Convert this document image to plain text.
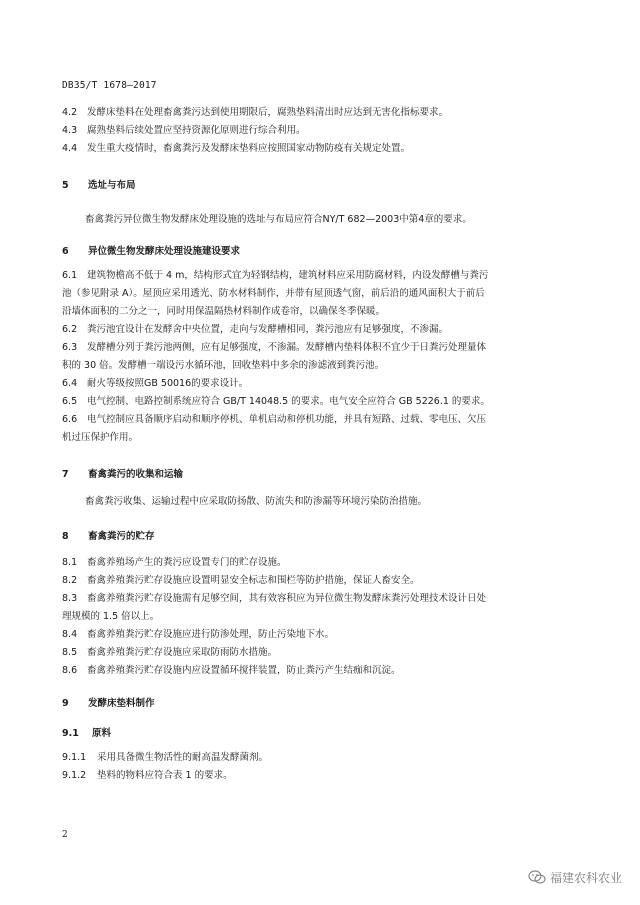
DB35/T 1678—2017
4.2 发酵床垫料在处理畜禽粪污达到使用期限后，腐熟垫料清出时应达到无害化指标要求。
4.3 腐熟垫料后续处置应坚持资源化原则进行综合利用。
4.4 发生重大疫情时，畜禽粪污及发酵床垫料应按照国家动物防疫有关规定处置。
5 选址与布局
畜禽粪污异位微生物发酵床处理设施的选址与布局应符合NY/T 682—2003中第4章的要求。
6 异位微生物发酵床处理设施建设要求
6.1 建筑物檐高不低于 4 m，结构形式宜为轻钢结构，建筑材料应采用防腐材料，内设发酵槽与粪污
池（参见附录 A）。屋顶应采用透光、防水材料制作，并带有屋顶透气窗，前后沿的通风面积大于前后
沿墙体面积的二分之一，同时用保温隔热材料制作成卷帘，以确保冬季保暖。
6.2 粪污池宜设计在发酵舍中央位置，走向与发酵槽相同，粪污池应有足够强度，不渗漏。
6.3 发酵槽分列于粪污池两侧，应有足够强度，不渗漏。发酵槽内垫料体积不宜少于日粪污处理量体
积的 30 倍。发酵槽一端设污水循环池，回收垫料中多余的渗滤液到粪污池。
6.4 耐火等级按照GB 50016的要求设计。
6.5 电气控制、电路控制系统应符合 GB/T 14048.5 的要求。电气安全应符合 GB 5226.1 的要求。
6.6 电气控制应具备顺序启动和顺序停机、单机启动和停机功能，并具有短路、过载、零电压、欠压
机过压保护作用。
7 畜禽粪污的收集和运输
畜禽粪污收集、运输过程中应采取防扬散、防流失和防渗漏等环境污染防治措施。
8 畜禽粪污的贮存
8.1 畜禽养殖场产生的粪污应设置专门的贮存设施。
8.2 畜禽养殖粪污贮存设施应设置明显安全标志和围栏等防护措施，保证人畜安全。
8.3 畜禽养殖粪污贮存设施需有足够空间，其有效容积应为异位微生物发酵床粪污处理技术设计日处
理规模的 1.5 倍以上。
8.4 畜禽养殖粪污贮存设施应进行防渗处理，防止污染地下水。
8.5 畜禽养殖粪污贮存设施应采取防雨防水措施。
8.6 畜禽养殖粪污贮存设施内应设置循环搅拌装置，防止粪污产生结痂和沉淀。
9 发酵床垫料制作
9.1 原料
9.1.1 采用具备微生物活性的耐高温发酵菌剂。
9.1.2 垫料的物料应符合表 1 的要求。
2
福建农科农业
